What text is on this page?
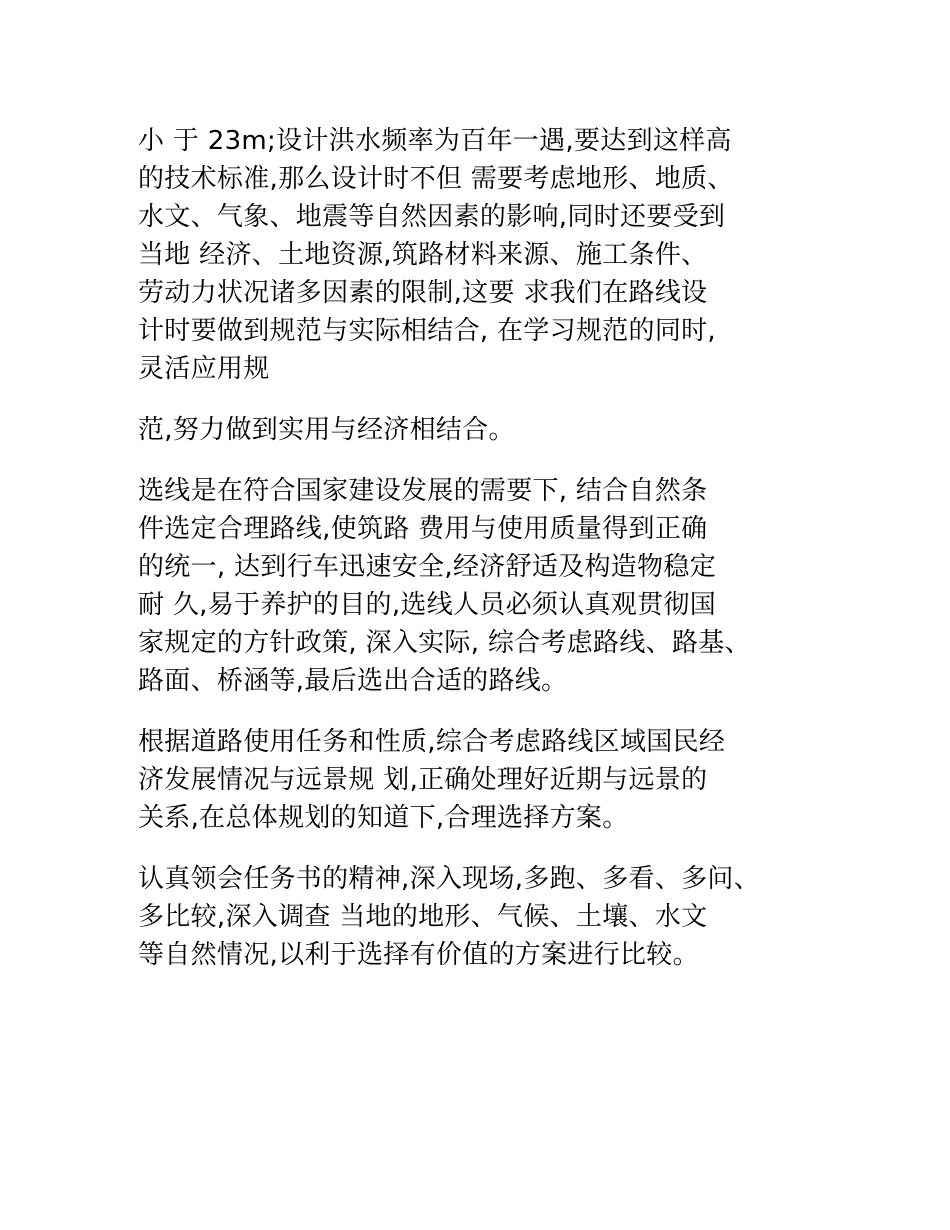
小 于 23m;设计洪水频率为百年一遇,要达到这样高
的技术标准,那么设计时不但 需要考虑地形、地质、
水文、气象、地震等自然因素的影响,同时还要受到
当地 经济、土地资源,筑路材料来源、施工条件、
劳动力状况诸多因素的限制,这要 求我们在路线设
计时要做到规范与实际相结合, 在学习规范的同时,
灵活应用规
范,努力做到实用与经济相结合。
选线是在符合国家建设发展的需要下, 结合自然条
件选定合理路线,使筑路 费用与使用质量得到正确
的统一, 达到行车迅速安全,经济舒适及构造物稳定
耐 久,易于养护的目的,选线人员必须认真观贯彻国
家规定的方针政策, 深入实际, 综合考虑路线、路基、
路面、桥涵等,最后选出合适的路线。
根据道路使用任务和性质,综合考虑路线区域国民经
济发展情况与远景规 划,正确处理好近期与远景的
关系,在总体规划的知道下,合理选择方案。
认真领会任务书的精神,深入现场,多跑、多看、多问、
多比较,深入调查 当地的地形、气候、土壤、水文
等自然情况,以利于选择有价值的方案进行比较。
